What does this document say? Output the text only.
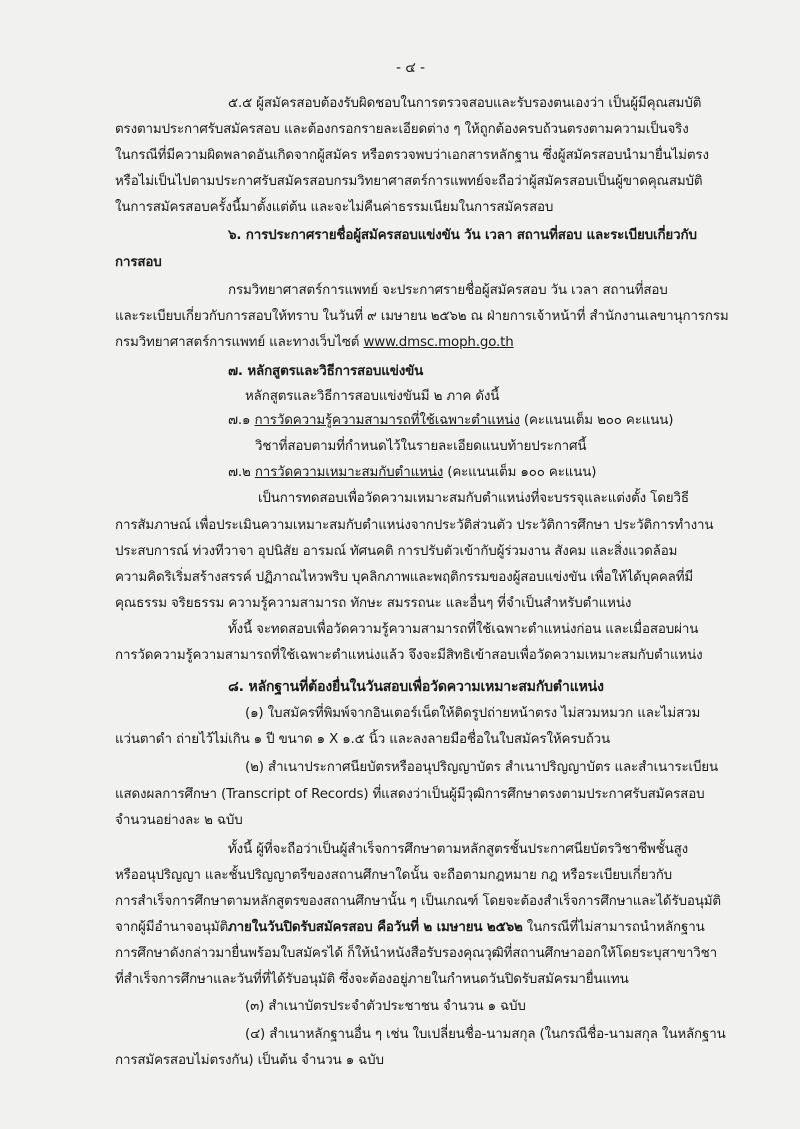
- ๔ -
๕.๕ ผู้สมัครสอบต้องรับผิดชอบในการตรวจสอบและรับรองตนเองว่า เป็นผู้มีคุณสมบัติ
ตรงตามประกาศรับสมัครสอบ และต้องกรอกรายละเอียดต่าง ๆ ให้ถูกต้องครบถ้วนตรงตามความเป็นจริง
ในกรณีที่มีความผิดพลาดอันเกิดจากผู้สมัคร หรือตรวจพบว่าเอกสารหลักฐาน ซึ่งผู้สมัครสอบนำมายื่นไม่ตรง
หรือไม่เป็นไปตามประกาศรับสมัครสอบกรมวิทยาศาสตร์การแพทย์จะถือว่าผู้สมัครสอบเป็นผู้ขาดคุณสมบัติ
ในการสมัครสอบครั้งนี้มาตั้งแต่ต้น และจะไม่คืนค่าธรรมเนียมในการสมัครสอบ
๖. การประกาศรายชื่อผู้สมัครสอบแข่งขัน วัน เวลา สถานที่สอบ และระเบียบเกี่ยวกับ
การสอบ
กรมวิทยาศาสตร์การแพทย์ จะประกาศรายชื่อผู้สมัครสอบ วัน เวลา สถานที่สอบ
และระเบียบเกี่ยวกับการสอบให้ทราบ ในวันที่ ๙ เมษายน ๒๕๖๒ ณ ฝ่ายการเจ้าหน้าที่ สำนักงานเลขานุการกรม
กรมวิทยาศาสตร์การแพทย์ และทางเว็บไซต์ www.dmsc.moph.go.th
๗. หลักสูตรและวิธีการสอบแข่งขัน
หลักสูตรและวิธีการสอบแข่งขันมี ๒ ภาค ดังนี้
๗.๑ การวัดความรู้ความสามารถที่ใช้เฉพาะตำแหน่ง (คะแนนเต็ม ๒๐๐ คะแนน)
วิชาที่สอบตามที่กำหนดไว้ในรายละเอียดแนบท้ายประกาศนี้
๗.๒ การวัดความเหมาะสมกับตำแหน่ง (คะแนนเต็ม ๑๐๐ คะแนน)
เป็นการทดสอบเพื่อวัดความเหมาะสมกับตำแหน่งที่จะบรรจุและแต่งตั้ง โดยวิธี
การสัมภาษณ์ เพื่อประเมินความเหมาะสมกับตำแหน่งจากประวัติส่วนตัว ประวัติการศึกษา ประวัติการทำงาน
ประสบการณ์ ท่วงทีวาจา อุปนิสัย อารมณ์ ทัศนคติ การปรับตัวเข้ากับผู้ร่วมงาน สังคม และสิ่งแวดล้อม
ความคิดริเริ่มสร้างสรรค์ ปฏิภาณไหวพริบ บุคลิกภาพและพฤติกรรมของผู้สอบแข่งขัน เพื่อให้ได้บุคคลที่มี
คุณธรรม จริยธรรม ความรู้ความสามารถ ทักษะ สมรรถนะ และอื่นๆ ที่จำเป็นสำหรับตำแหน่ง
ทั้งนี้ จะทดสอบเพื่อวัดความรู้ความสามารถที่ใช้เฉพาะตำแหน่งก่อน และเมื่อสอบผ่าน
การวัดความรู้ความสามารถที่ใช้เฉพาะตำแหน่งแล้ว จึงจะมีสิทธิเข้าสอบเพื่อวัดความเหมาะสมกับตำแหน่ง
๘. หลักฐานที่ต้องยื่นในวันสอบเพื่อวัดความเหมาะสมกับตำแหน่ง
(๑) ใบสมัครที่พิมพ์จากอินเตอร์เน็ตให้ติดรูปถ่ายหน้าตรง ไม่สวมหมวก และไม่สวม
แว่นตาดำ ถ่ายไว้ไม่เกิน ๑ ปี ขนาด ๑ X ๑.๕ นิ้ว และลงลายมือชื่อในใบสมัครให้ครบถ้วน
(๒) สำเนาประกาศนียบัตรหรืออนุปริญญาบัตร สำเนาปริญญาบัตร และสำเนาระเบียน
แสดงผลการศึกษา (Transcript of Records) ที่แสดงว่าเป็นผู้มีวุฒิการศึกษาตรงตามประกาศรับสมัครสอบ
จำนวนอย่างละ ๒ ฉบับ
ทั้งนี้ ผู้ที่จะถือว่าเป็นผู้สำเร็จการศึกษาตามหลักสูตรชั้นประกาศนียบัตรวิชาชีพชั้นสูง
หรืออนุปริญญา และชั้นปริญญาตรีของสถานศึกษาใดนั้น จะถือตามกฎหมาย กฎ หรือระเบียบเกี่ยวกับ
การสำเร็จการศึกษาตามหลักสูตรของสถานศึกษานั้น ๆ เป็นเกณฑ์ โดยจะต้องสำเร็จการศึกษาและได้รับอนุมัติ
จากผู้มีอำนาจอนุมัติภายในวันปิดรับสมัครสอบ คือวันที่ ๒ เมษายน ๒๕๖๒ ในกรณีที่ไม่สามารถนำหลักฐาน
การศึกษาดังกล่าวมายื่นพร้อมใบสมัครได้ ก็ให้นำหนังสือรับรองคุณวุฒิที่สถานศึกษาออกให้โดยระบุสาขาวิชา
ที่สำเร็จการศึกษาและวันที่ที่ได้รับอนุมัติ ซึ่งจะต้องอยู่ภายในกำหนดวันปิดรับสมัครมายื่นแทน
(๓) สำเนาบัตรประจำตัวประชาชน จำนวน ๑ ฉบับ
(๔) สำเนาหลักฐานอื่น ๆ เช่น ใบเปลี่ยนชื่อ-นามสกุล (ในกรณีชื่อ-นามสกุล ในหลักฐาน
การสมัครสอบไม่ตรงกัน) เป็นต้น จำนวน ๑ ฉบับ
